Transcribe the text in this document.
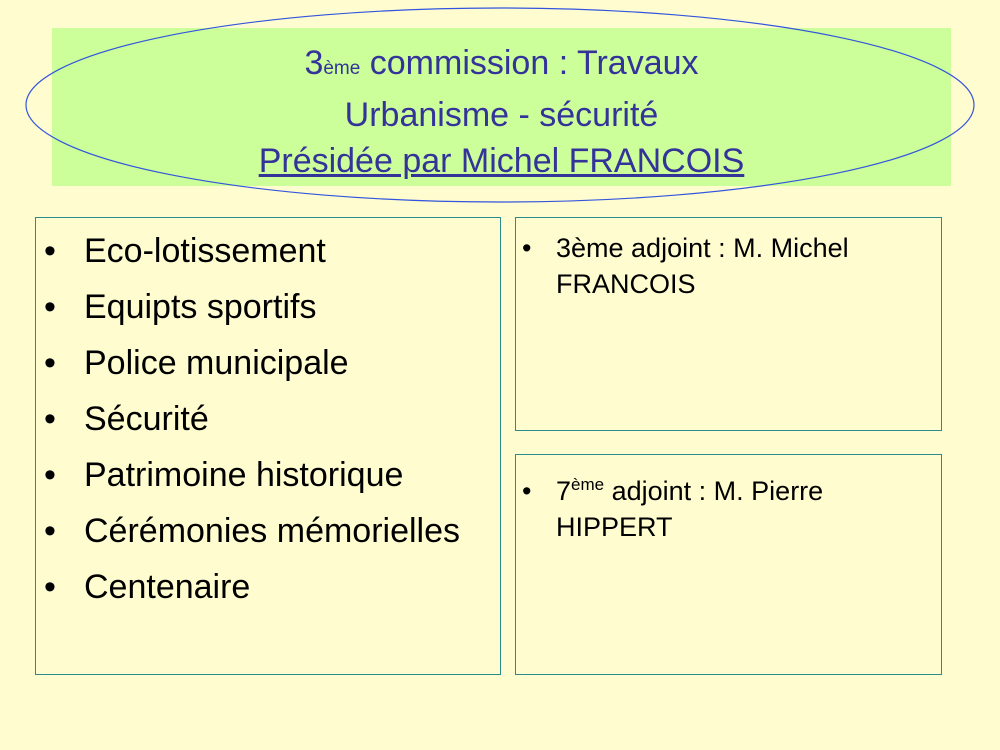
3ème commission : Travaux
Urbanisme - sécurité
Présidée par Michel FRANCOIS
• Eco-lotissement
• Equipts sportifs
• Police municipale
• Sécurité
• Patrimoine historique
• Cérémonies mémorielles
• Centenaire
• 3ème adjoint : M. Michel FRANCOIS
• 7ème adjoint : M. Pierre HIPPERT
